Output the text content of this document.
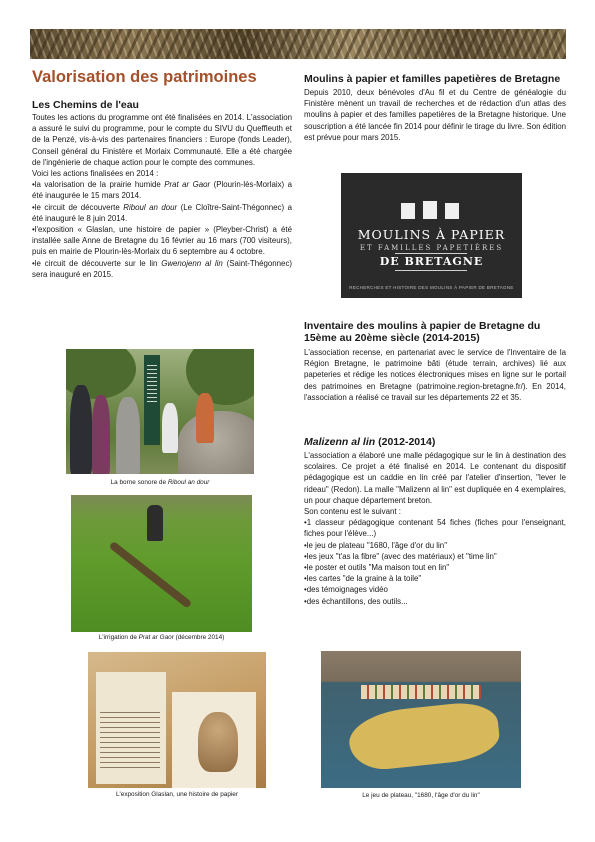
Valorisation des patrimoines
Les Chemins de l'eau

Toutes les actions du programme ont été finalisées en 2014. L'association a assuré le suivi du programme, pour le compte du SIVU du Queffleuth et de la Penzé, vis-à-vis des partenaires financiers : Europe (fonds Leader), Conseil général du Finistère et Morlaix Communauté. Elle a été chargée de l'ingénierie de chaque action pour le compte des communes.

Voici les actions finalisées en 2014 :

•la valorisation de la prairie humide Prat ar Gaor (Plourin-lès-Morlaix) a été inaugurée le 15 mars 2014.

•le circuit de découverte Riboul an dour (Le Cloître-Saint-Thégonnec) a été inauguré le 8 juin 2014.

•l'exposition « Glaslan, une histoire de papier » (Pleyber-Christ) a été installée salle Anne de Bretagne du 16 février au 16 mars (700 visiteurs), puis en mairie de Plourin-lès-Morlaix du 6 septembre au 4 octobre.

•le circuit de découverte sur le lin Gwenojenn al lin (Saint-Thégonnec) sera inauguré en 2015.

La borne sonore de Riboul an dour
L'irrigation de Prat ar Gaor (décembre 2014)
L'exposition Glaslan, une histoire de papier
Moulins à papier et familles papetières de Bretagne
Depuis 2010, deux bénévoles d'Au fil et du Centre de généalogie du Finistère mènent un travail de recherches et de rédaction d'un atlas des moulins à papier et des familles papetières de la Bretagne historique. Une souscription a été lancée fin 2014 pour définir le tirage du livre. Son édition est prévue pour mars 2015.
MOULINS À PAPIER
ET FAMILLES PAPETIÈRES
DE BRETAGNE
RECHERCHES ET HISTOIRE DES MOULINS À PAPIER DE BRETAGNE
Inventaire des moulins à papier de Bretagne du 15ème au 20ème siècle (2014-2015)
L'association recense, en partenariat avec le service de l'Inventaire de la Région Bretagne, le patrimoine bâti (étude terrain, archives) lié aux papeteries et rédige les notices électroniques mises en ligne sur le portail des patrimoines en Bretagne (patrimoine.region-bretagne.fr/). En 2014, l'association a réalisé ce travail sur les départements 22 et 35.
Malizenn al lin (2012-2014)

L'association a élaboré une malle pédagogique sur le lin à destination des scolaires. Ce projet a été finalisé en 2014. Le contenant du dispositif pédagogique est un caddie en lin créé par l'atelier d'insertion, "lever le rideau" (Redon). La malle "Malizenn al lin" est dupliquée en 4 exemplaires, un pour chaque département breton.

Son contenu est le suivant :

•1 classeur pédagogique contenant 54 fiches (fiches pour l'enseignant, fiches pour l'élève...)

•le jeu de plateau "1680, l'âge d'or du lin"

•les jeux "t'as la fibre" (avec des matériaux) et "time lin"

•le poster et outils "Ma maison tout en lin"

•les cartes "de la graine à la toile"

•des témoignages vidéo

•des échantillons, des outils...

Le jeu de plateau, "1680, l'âge d'or du lin"
